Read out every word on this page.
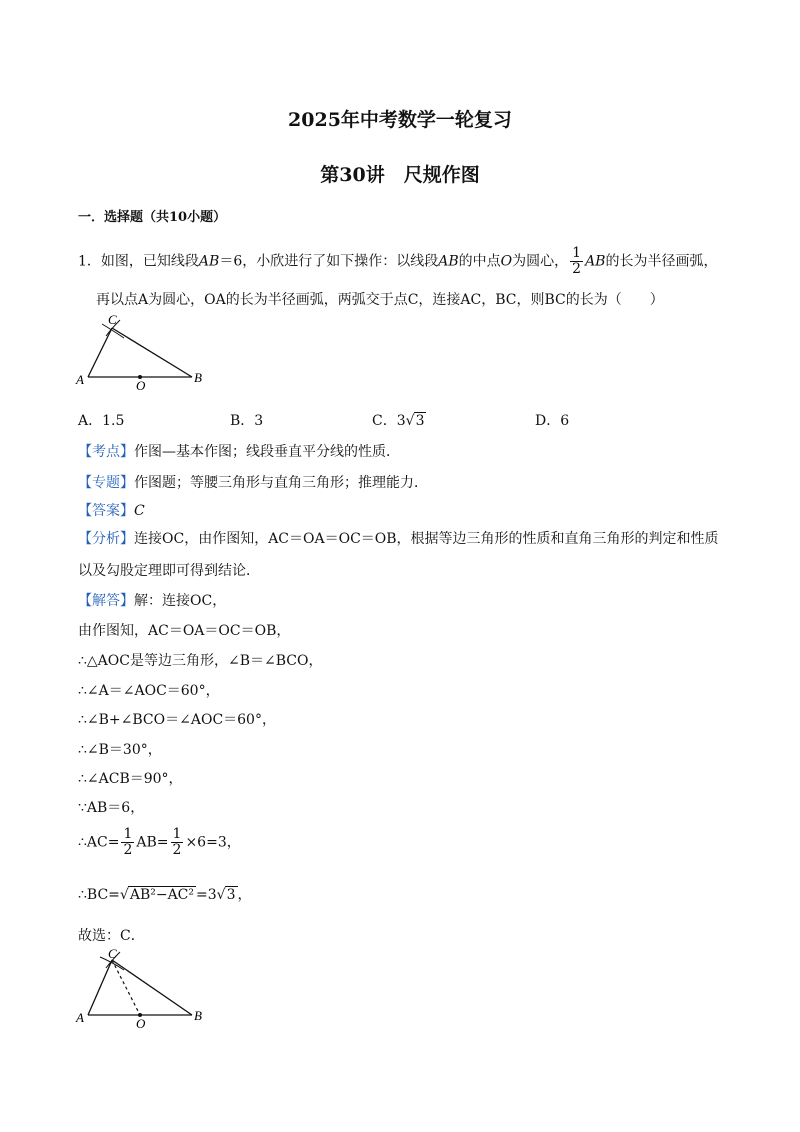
2025年中考数学一轮复习
第30讲　尺规作图
一．选择题（共10小题）
1．如图，已知线段AB＝6，小欣进行了如下操作：以线段AB的中点O为圆心， $\frac{1}{2}$ AB的长为半径画弧，
再以点A为圆心，OA的长为半径画弧，两弧交于点C，连接AC，BC，则BC的长为（　　）
C
A	B
O
A．1.5	B．3	C．3√3	D．6
【考点】作图—基本作图；线段垂直平分线的性质．
【专题】作图题；等腰三角形与直角三角形；推理能力．
【答案】C
【分析】连接OC，由作图知，AC＝OA＝OC＝OB，根据等边三角形的性质和直角三角形的判定和性质
以及勾股定理即可得到结论．
【解答】解：连接OC，
由作图知，AC＝OA＝OC＝OB，
∴△AOC是等边三角形，∠B＝∠BCO，
∴∠A＝∠AOC＝60°，
∴∠B+∠BCO＝∠AOC＝60°，
∴∠B＝30°，
∴∠ACB＝90°，
∵AB＝6，
∴AC= $\frac{1}{2} AB= \frac{1}{2} \times 6=3$，
∴BC=√AB²−AC² =3√3 ，
故选：C．
C
A	B
O
